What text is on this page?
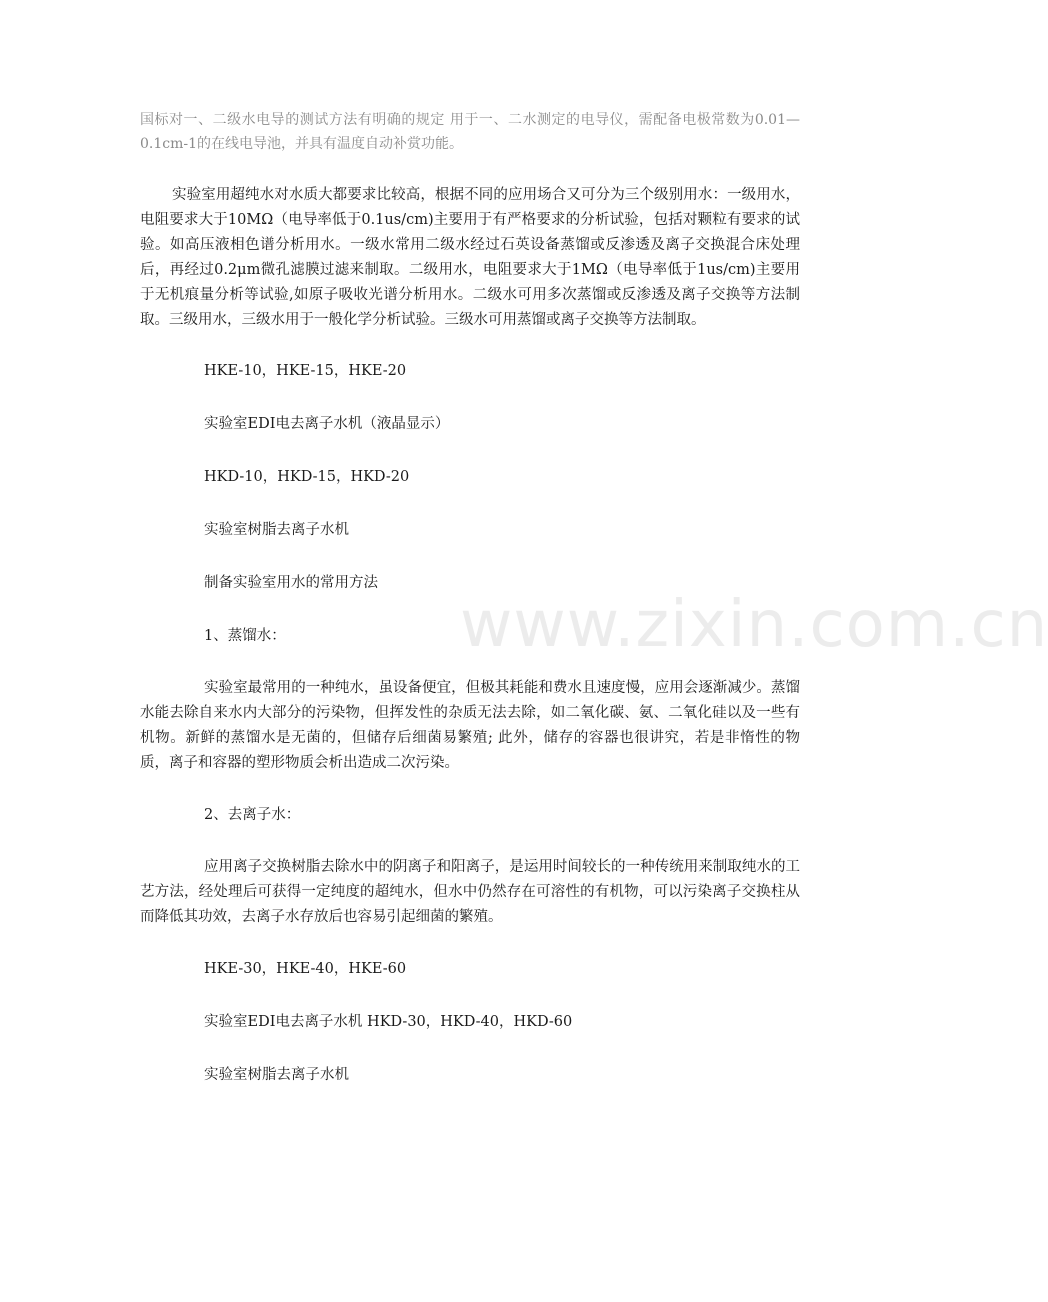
www.zixin.com.cn

国标对一、二级水电导的测试方法有明确的规定 用于一、二水测定的电导仪，需配备电极常数为0.01—0.1cm-1的在线电导池，并具有温度自动补赏功能。

实验室用超纯水对水质大都要求比较高，根据不同的应用场合又可分为三个级别用水：一级用水，电阻要求大于10MΩ（电导率低于0.1us/cm)主要用于有严格要求的分析试验，包括对颗粒有要求的试验。如高压液相色谱分析用水。一级水常用二级水经过石英设备蒸馏或反渗透及离子交换混合床处理后，再经过0.2μm微孔滤膜过滤来制取。二级用水，电阻要求大于1MΩ（电导率低于1us/cm)主要用于无机痕量分析等试验,如原子吸收光谱分析用水。二级水可用多次蒸馏或反渗透及离子交换等方法制取。三级用水，三级水用于一般化学分析试验。三级水可用蒸馏或离子交换等方法制取。

HKE-10，HKE-15，HKE-20

实验室EDI电去离子水机（液晶显示）

HKD-10，HKD-15，HKD-20

实验室树脂去离子水机

制备实验室用水的常用方法

1、蒸馏水：

实验室最常用的一种纯水，虽设备便宜，但极其耗能和费水且速度慢，应用会逐渐减少。蒸馏水能去除自来水内大部分的污染物，但挥发性的杂质无法去除，如二氧化碳、氨、二氧化硅以及一些有机物。新鲜的蒸馏水是无菌的，但储存后细菌易繁殖; 此外，储存的容器也很讲究，若是非惰性的物质，离子和容器的塑形物质会析出造成二次污染。

2、去离子水：

应用离子交换树脂去除水中的阴离子和阳离子，是运用时间较长的一种传统用来制取纯水的工艺方法，经处理后可获得一定纯度的超纯水，但水中仍然存在可溶性的有机物，可以污染离子交换柱从而降低其功效，去离子水存放后也容易引起细菌的繁殖。

HKE-30，HKE-40，HKE-60

实验室EDI电去离子水机 HKD-30，HKD-40，HKD-60

实验室树脂去离子水机
